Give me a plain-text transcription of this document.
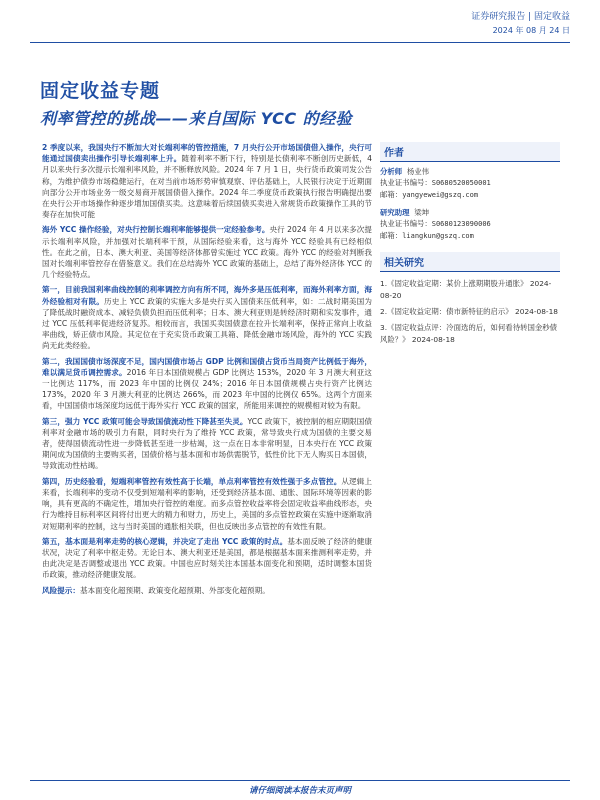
证券研究报告 | 固定收益
2024 年 08 月 24 日
固定收益专题
利率管控的挑战——来自国际 YCC 的经验

2 季度以来，我国央行不断加大对长端利率的管控措施，7 月央行公开市场国债借入操作，央行可能通过国债卖出操作引导长端利率上升。随着利率不断下行，特别是长债利率不断创历史新低，4 月以来央行多次提示长端利率风险，并不断释放风险。2024 年 7 月 1 日，央行货币政策司发公告称，为维护债券市场稳健运行，在对当前市场形势审慎观察、评估基础上，人民银行决定于近期面向部分公开市场业务一级交易商开展国债借入操作。2024 年二季度货币政策执行报告明确提出要在央行公开市场操作种逐步增加国债买卖。这意味着后续国债买卖进入常规货币政策操作工具的节奏存在加快可能

海外 YCC 操作经验，对央行控制长端利率能够提供一定经验参考。央行 2024 年 4 月以来多次提示长端利率风险，并加强对长端利率干预，从国际经验来看，这与海外 YCC 经验具有已经相似性。在此之前，日本、澳大利亚、美国等经济体都曾实施过 YCC 政策。海外 YCC 的经验对判断我国对长端利率管控存在借鉴意义。我们在总结海外 YCC 政策的基础上，总结了海外经济体 YCC 的几个经验特点。

第一，目前我国利率曲线控制的利率调控方向有所不同，海外多是压低利率，而海外利率方面，海外经验相对有限。历史上 YCC 政策的实施大多是央行买入国债来压低利率，如：二战时期美国为了降低战时融资成本、减轻负债负担而压低利率；日本、澳大利亚则是转经济时期和实发事件，通过 YCC 压低利率促进经济复苏。相较而言，我国买卖国债意在拉升长端利率，保持正常向上收益率曲线，矫正债市风险。其定位在于充实货币政策工具箱、降低金融市场风险，海外的 YCC 实践尚无此类经验。

第二，我国国债市场深度不足，国内国债市场占 GDP 比例和国债占货币当局资产比例低于海外，难以满足货币调控需求。2016 年日本国债规模占 GDP 比例达 153%，2020 年 3 月澳大利亚这一比例达 117%，而 2023 年中国的比例仅 24%；2016 年日本国债规模占央行资产比例达 173%，2020 年 3 月澳大利亚的比例达 266%，而 2023 年中国的比例仅 65%。这两个方面来看，中国国债市场深度均远低于海外实行 YCC 政策的国家，所能用来调控的规模相对较为有限。

第三，强力 YCC 政策可能会导致国债流动性下降甚至失灵。YCC 政策下，被控制的相应期限国债利率对金融市场的吸引力有限，同时央行为了维持 YCC 政策，常导致央行成为国债的主要交易者，使得国债流动性进一步降低甚至进一步枯竭，这一点在日本非常明显，日本央行在 YCC 政策期间成为国债的主要购买者，国债价格与基本面和市场供需脱节，低性价比下无人购买日本国债，导致流动性枯竭。

第四，历史经验看，短端利率管控有效性高于长端，单点利率管控有效性强于多点管控。从逻辑上来看，长端利率的变动不仅受到短端利率的影响，还受到经济基本面、通胀、国际环境等因素的影响，具有更高的不确定性，增加央行管控的难度。而多点管控收益率将会固定收益率曲线形态，央行为维持目标利率区间将付出更大的精力和财力，历史上，美国的多点管控政策在实施中逐渐取消对短期利率的控制，这与当时美国的通胀相关联，但也反映出多点管控的有效性有限。

第五，基本面是利率走势的核心逻辑，并决定了走出 YCC 政策的时点。基本面反映了经济的健康状况，决定了利率中枢走势。无论日本、澳大利亚还是美国，都是根据基本面来推测利率走势，并由此决定是否调整或退出 YCC 政策。中国也应时刻关注本国基本面变化和预期，适时调整本国货币政策，推动经济健康发展。

风险提示：基本面变化超预期、政策变化超预期、外部变化超预期。

作者
分析师 杨业伟
执业证书编号：S0680520050001
邮箱：yangyewei@gszq.com
研究助理 梁坤
执业证书编号：S0680123090006
邮箱：liangkun@gszq.com
相关研究
1.《固定收益定期：某价上涨期期股升通胀》 2024-08-20
2.《固定收益定期：债市新特征的启示》 2024-08-18
3.《固定收益点评：冷面选的后，如何看待转国金秒债风险？》 2024-08-18
请仔细阅读本报告末页声明
